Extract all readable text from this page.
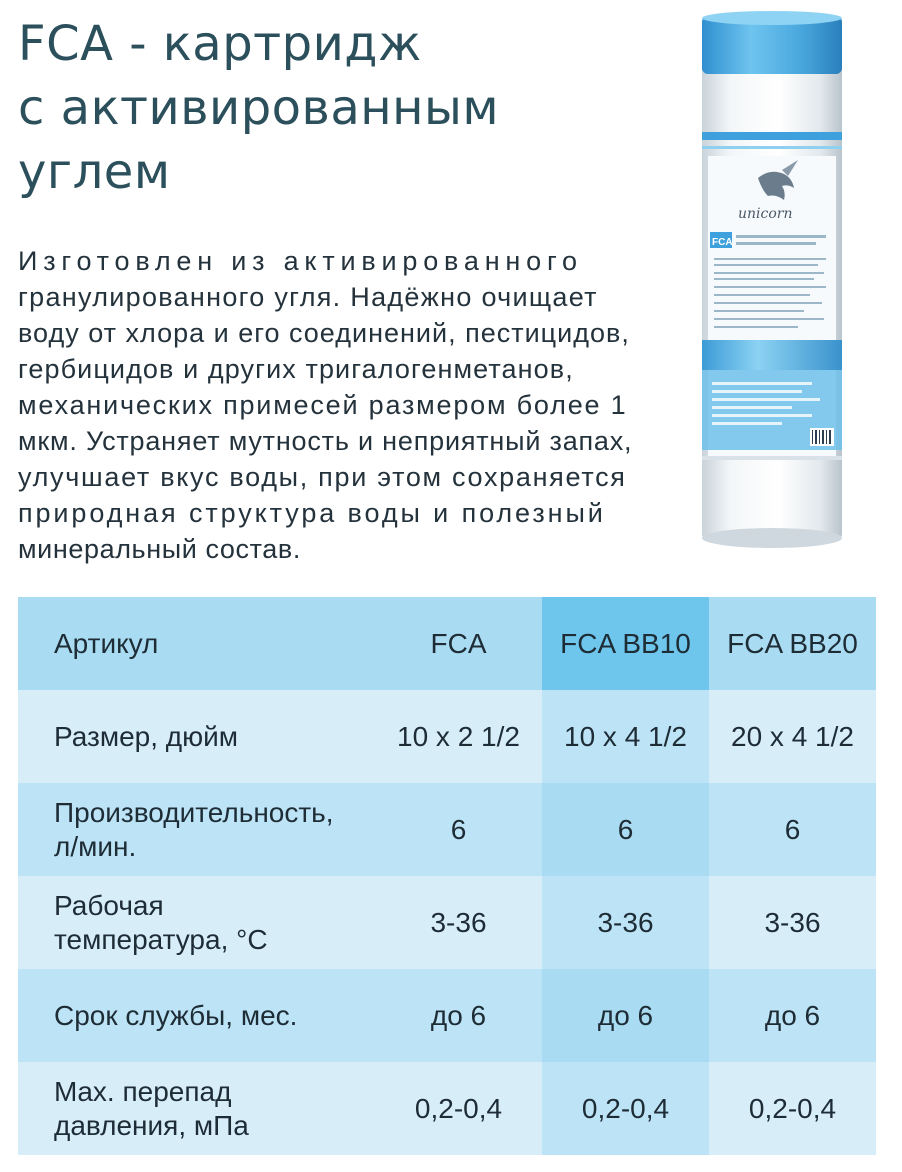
FCA - картридж
с активированным
углем
Изготовлен из активированного
гранулированного угля. Надёжно очищает
воду от хлора и его соединений, пестицидов,
гербицидов и других тригалогенметанов,
механических примесей размером более 1
мкм. Устраняет мутность и неприятный запах,
улучшает вкус воды, при этом сохраняется
природная структура воды и полезный
минеральный состав.
unicorn
FCA
Артикул	FCA	FCA BB10	FCA BB20
Размер, дюйм	10 x 2 1/2	10 x 4 1/2	20 x 4 1/2
Производительность,
л/мин.
6	6	6
Рабочая
температура, °С
3-36	3-36	3-36
Срок службы, мес.	до 6	до 6	до 6
Max. перепад
давления, мПа
0,2-0,4	0,2-0,4	0,2-0,4
